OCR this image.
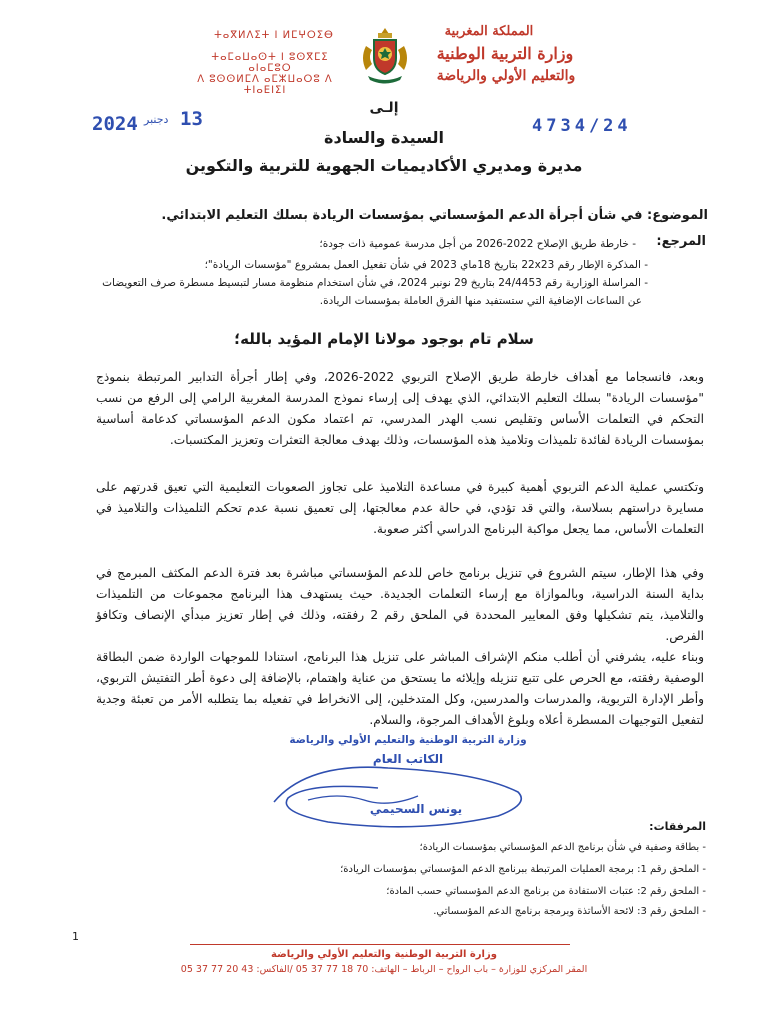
المملكة المغربية
وزارة التربية الوطنية
والتعليم الأولي والرياضة
ⵜⴰⴳⵍⴷⵉⵜ ⵏ ⵍⵎⵖⵔⵉⴱ
ⵜⴰⵎⴰⵡⴰⵙⵜ ⵏ ⵓⵙⴳⵎⵉ ⴰⵏⴰⵎⵓⵔ
ⴷ ⵓⵙⵙⵍⵎⴷ ⴰⵎⵣⵡⴰⵔⵓ ⴷ ⵜⵏⴰⴹⵏⵉⵏ
2024 دجنبر 13	4734/24
إلـى
السيدة والسادة
مديرة ومديري الأكاديميات الجهوية للتربية والتكوين
الموضوع: في شأن أجرأة الدعم المؤسساتي بمؤسسات الريادة بسلك التعليم الابتدائي.
المرجع:
- خارطة طريق الإصلاح 2022-2026 من أجل مدرسة عمومية ذات جودة؛
- المذكرة الإطار رقم 22x23 بتاريخ 18ماي 2023 في شأن تفعيل العمل بمشروع "مؤسسات الريادة"؛
- المراسلة الوزارية رقم 24/4453 بتاريخ 29 نونبر 2024، في شأن استخدام منظومة مسار لتبسيط مسطرة صرف التعويضات
عن الساعات الإضافية التي ستستفيد منها الفرق العاملة بمؤسسات الريادة.
سلام تام بوجود مولانا الإمام المؤيد بالله؛
وبعد، فانسجاما مع أهداف خارطة طريق الإصلاح التربوي 2022-2026، وفي إطار أجرأة التدابير المرتبطة بنموذج "مؤسسات الريادة" بسلك التعليم الابتدائي، الذي يهدف إلى إرساء نموذج المدرسة المغربية الرامي إلى الرفع من نسب التحكم في التعلمات الأساس وتقليص نسب الهدر المدرسي، تم اعتماد مكون الدعم المؤسساتي كدعامة أساسية بمؤسسات الريادة لفائدة تلميذات وتلاميذ هذه المؤسسات، وذلك بهدف معالجة التعثرات وتعزيز المكتسبات.
وتكتسي عملية الدعم التربوي أهمية كبيرة في مساعدة التلاميذ على تجاوز الصعوبات التعليمية التي تعيق قدرتهم على مسايرة دراستهم بسلاسة، والتي قد تؤدي، في حالة عدم معالجتها، إلى تعميق نسبة عدم تحكم التلميذات والتلاميذ في التعلمات الأساس، مما يجعل مواكبة البرنامج الدراسي أكثر صعوبة.
وفي هذا الإطار، سيتم الشروع في تنزيل برنامج خاص للدعم المؤسساتي مباشرة بعد فترة الدعم المكثف المبرمج في بداية السنة الدراسية، وبالموازاة مع إرساء التعلمات الجديدة. حيث يستهدف هذا البرنامج مجموعات من التلميذات والتلاميذ، يتم تشكيلها وفق المعايير المحددة في الملحق رقم 2 رفقته، وذلك في إطار تعزيز مبدأي الإنصاف وتكافؤ الفرص.
وبناء عليه، يشرفني أن أطلب منكم الإشراف المباشر على تنزيل هذا البرنامج، استنادا للموجهات الواردة ضمن البطاقة الوصفية رفقته، مع الحرص على تتبع تنزيله وإيلائه ما يستحق من عناية واهتمام، بالإضافة إلى دعوة أطر التفتيش التربوي، وأطر الإدارة التربوية، والمدرسات والمدرسين، وكل المتدخلين، إلى الانخراط في تفعيله بما يتطلبه الأمر من تعبئة وجدية لتفعيل التوجيهات المسطرة أعلاه وبلوغ الأهداف المرجوة، والسلام.
وزارة التربية الوطنية والتعليم الأولي والرياضة
الكاتب العام
يونس السحيمي
المرفقات:
- بطاقة وصفية في شأن برنامج الدعم المؤسساتي بمؤسسات الريادة؛
- الملحق رقم 1: برمجة العمليات المرتبطة ببرنامج الدعم المؤسساتي بمؤسسات الريادة؛
- الملحق رقم 2: عتبات الاستفادة من برنامج الدعم المؤسساتي حسب المادة؛
- الملحق رقم 3: لائحة الأساتذة وبرمجة برنامج الدعم المؤسساتي.
1
وزارة التربية الوطنية والتعليم الأولي والرياضة
المقر المركزي للوزارة – باب الرواح – الرباط – الهاتف: 70 18 77 37 05 /الفاكس: 43 20 77 37 05
